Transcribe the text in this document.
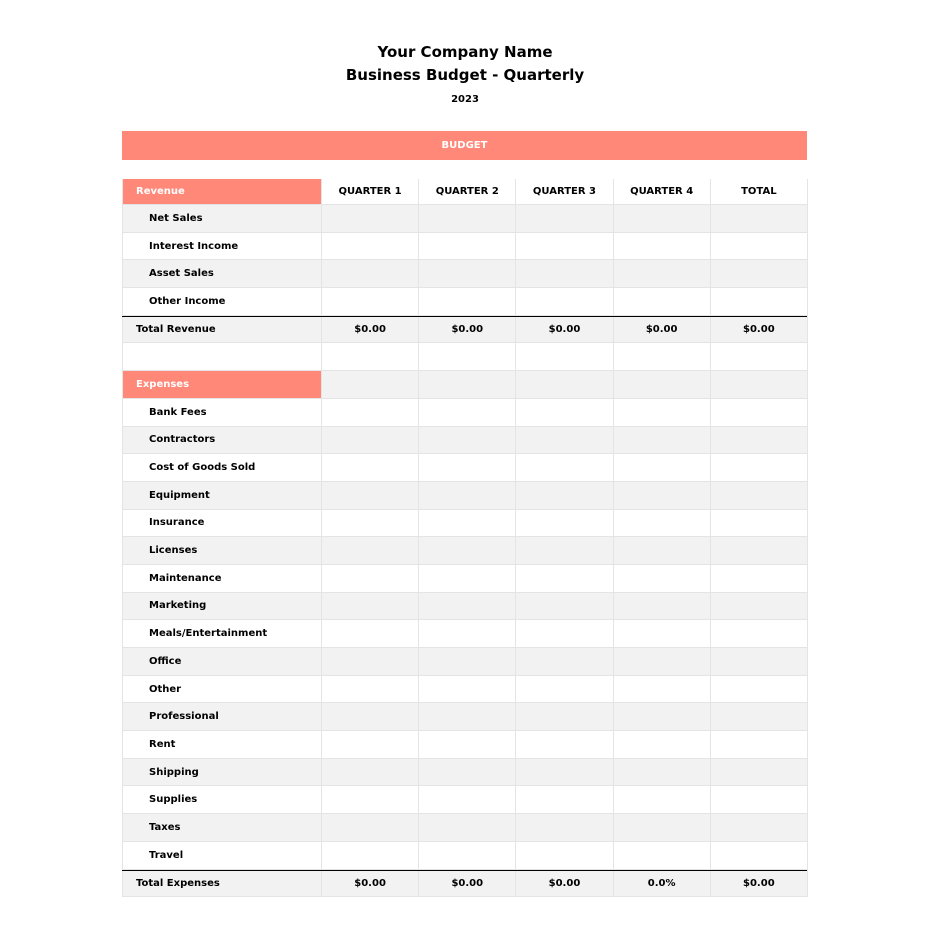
Your Company Name
Business Budget - Quarterly
2023
BUDGET
Revenue	QUARTER 1	QUARTER 2	QUARTER 3	QUARTER 4	TOTAL
Net Sales
Interest Income
Asset Sales
Other Income
Total Revenue	$0.00	$0.00	$0.00	$0.00	$0.00
Expenses
Bank Fees
Contractors
Cost of Goods Sold
Equipment
Insurance
Licenses
Maintenance
Marketing
Meals/Entertainment
Office
Other
Professional
Rent
Shipping
Supplies
Taxes
Travel
Total Expenses	$0.00	$0.00	$0.00	0.0%	$0.00
